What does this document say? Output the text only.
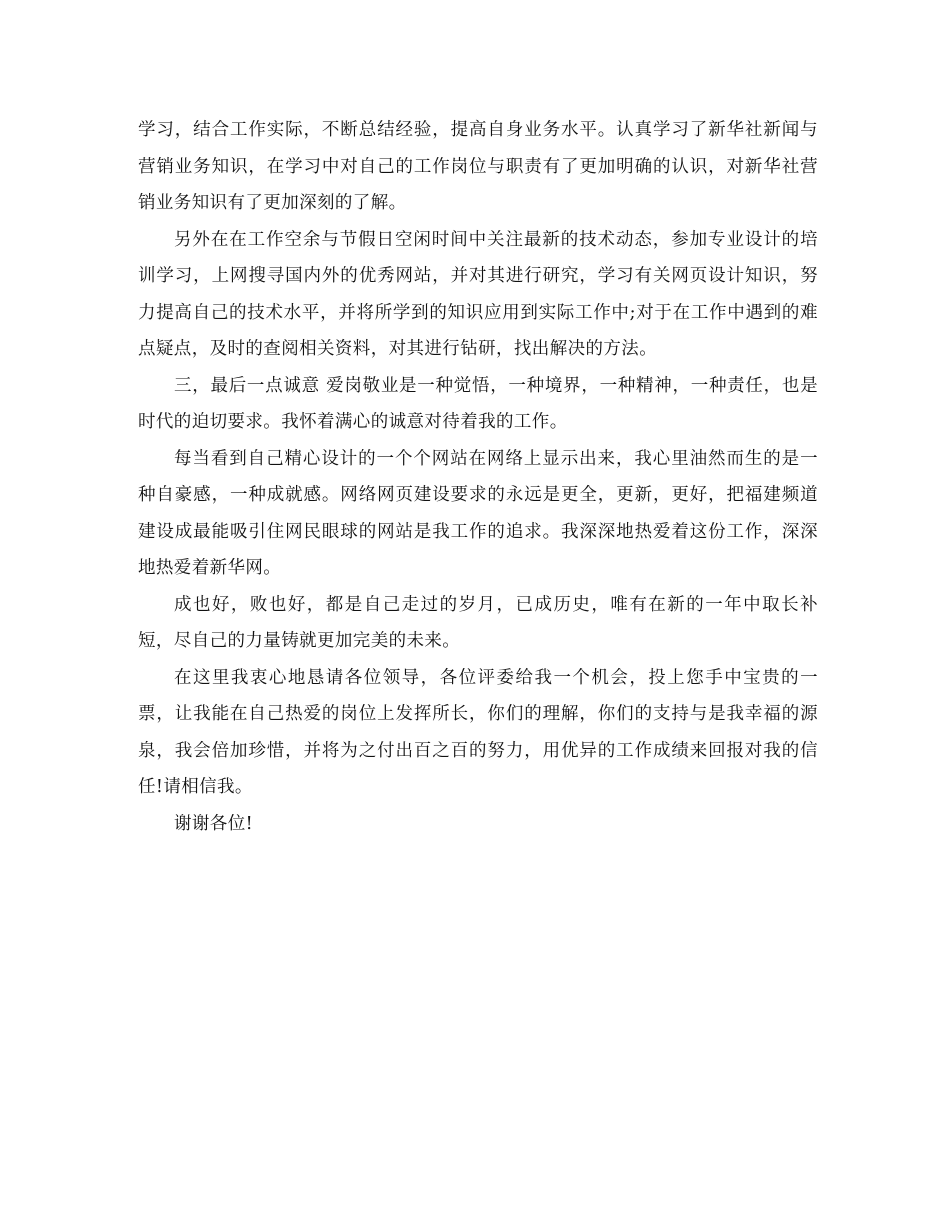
学习，结合工作实际，不断总结经验，提高自身业务水平。认真学习了新华社新闻与营销业务知识，在学习中对自己的工作岗位与职责有了更加明确的认识，对新华社营销业务知识有了更加深刻的了解。

另外在在工作空余与节假日空闲时间中关注最新的技术动态，参加专业设计的培训学习，上网搜寻国内外的优秀网站，并对其进行研究，学习有关网页设计知识，努力提高自己的技术水平，并将所学到的知识应用到实际工作中;对于在工作中遇到的难点疑点，及时的查阅相关资料，对其进行钻研，找出解决的方法。

三，最后一点诚意 爱岗敬业是一种觉悟，一种境界，一种精神，一种责任，也是时代的迫切要求。我怀着满心的诚意对待着我的工作。

每当看到自己精心设计的一个个网站在网络上显示出来，我心里油然而生的是一种自豪感，一种成就感。网络网页建设要求的永远是更全，更新，更好，把福建频道建设成最能吸引住网民眼球的网站是我工作的追求。我深深地热爱着这份工作，深深地热爱着新华网。

成也好，败也好，都是自己走过的岁月，已成历史，唯有在新的一年中取长补短，尽自己的力量铸就更加完美的未来。

在这里我衷心地恳请各位领导，各位评委给我一个机会，投上您手中宝贵的一票，让我能在自己热爱的岗位上发挥所长，你们的理解，你们的支持与是我幸福的源泉，我会倍加珍惜，并将为之付出百之百的努力，用优异的工作成绩来回报对我的信任!请相信我。

谢谢各位!
